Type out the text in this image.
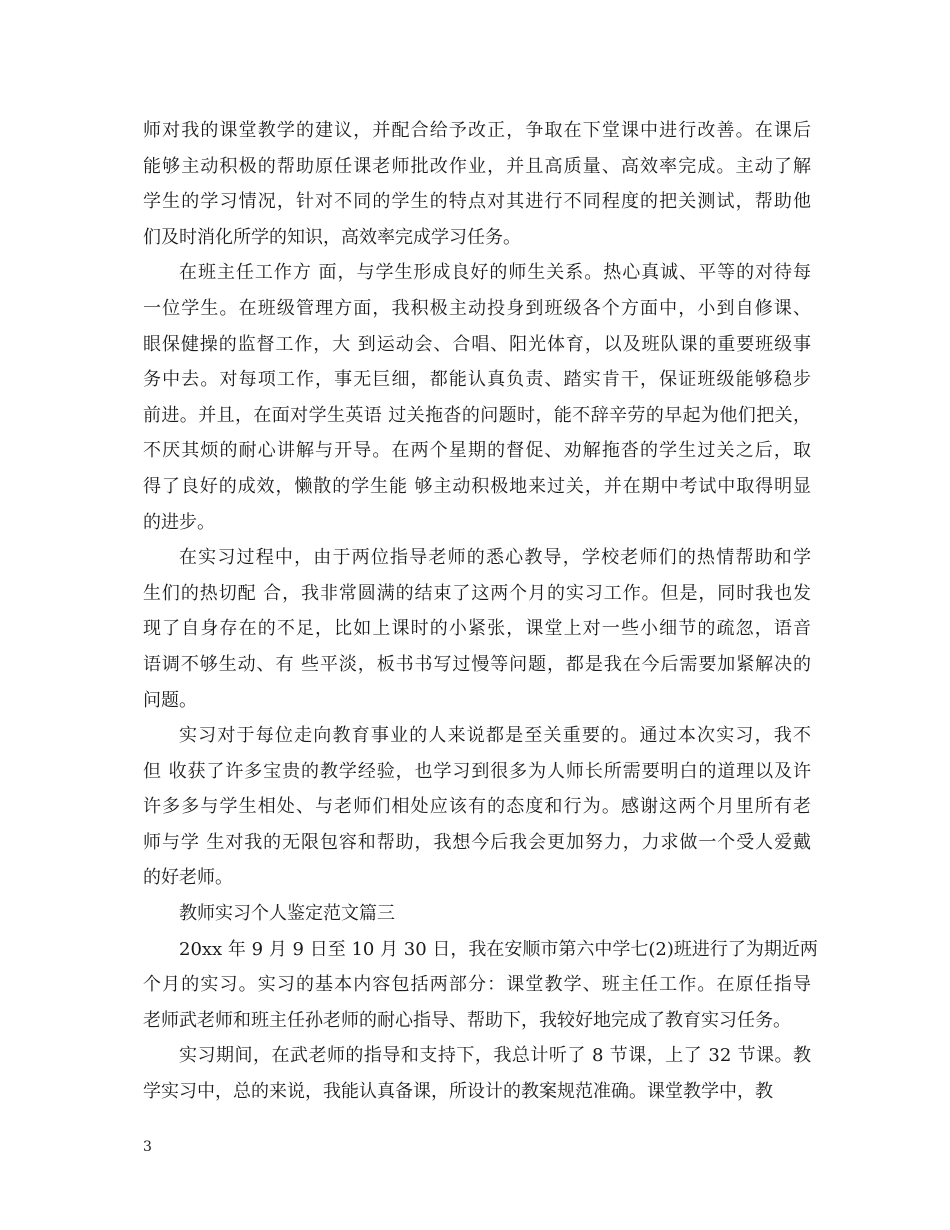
师对我的课堂教学的建议，并配合给予改正，争取在下堂课中进行改善。在课后
能够主动积极的帮助原任课老师批改作业，并且高质量、高效率完成。主动了解
学生的学习情况，针对不同的学生的特点对其进行不同程度的把关测试，帮助他
们及时消化所学的知识，高效率完成学习任务。
在班主任工作方 面，与学生形成良好的师生关系。热心真诚、平等的对待每
一位学生。在班级管理方面，我积极主动投身到班级各个方面中，小到自修课、
眼保健操的监督工作，大 到运动会、合唱、阳光体育，以及班队课的重要班级事
务中去。对每项工作，事无巨细，都能认真负责、踏实肯干，保证班级能够稳步
前进。并且，在面对学生英语 过关拖沓的问题时，能不辞辛劳的早起为他们把关，
不厌其烦的耐心讲解与开导。在两个星期的督促、劝解拖沓的学生过关之后，取
得了良好的成效，懒散的学生能 够主动积极地来过关，并在期中考试中取得明显
的进步。
在实习过程中，由于两位指导老师的悉心教导，学校老师们的热情帮助和学
生们的热切配 合，我非常圆满的结束了这两个月的实习工作。但是，同时我也发
现了自身存在的不足，比如上课时的小紧张，课堂上对一些小细节的疏忽，语音
语调不够生动、有 些平淡，板书书写过慢等问题，都是我在今后需要加紧解决的
问题。
实习对于每位走向教育事业的人来说都是至关重要的。通过本次实习，我不
但 收获了许多宝贵的教学经验，也学习到很多为人师长所需要明白的道理以及许
许多多与学生相处、与老师们相处应该有的态度和行为。感谢这两个月里所有老
师与学 生对我的无限包容和帮助，我想今后我会更加努力，力求做一个受人爱戴
的好老师。
教师实习个人鉴定范文篇三
20xx 年 9 月 9 日至 10 月 30 日，我在安顺市第六中学七(2)班进行了为期近两
个月的实习。实习的基本内容包括两部分：课堂教学、班主任工作。在原任指导
老师武老师和班主任孙老师的耐心指导、帮助下，我较好地完成了教育实习任务。
实习期间，在武老师的指导和支持下，我总计听了 8 节课，上了 32 节课。教
学实习中，总的来说，我能认真备课，所设计的教案规范准确。课堂教学中，教
3
